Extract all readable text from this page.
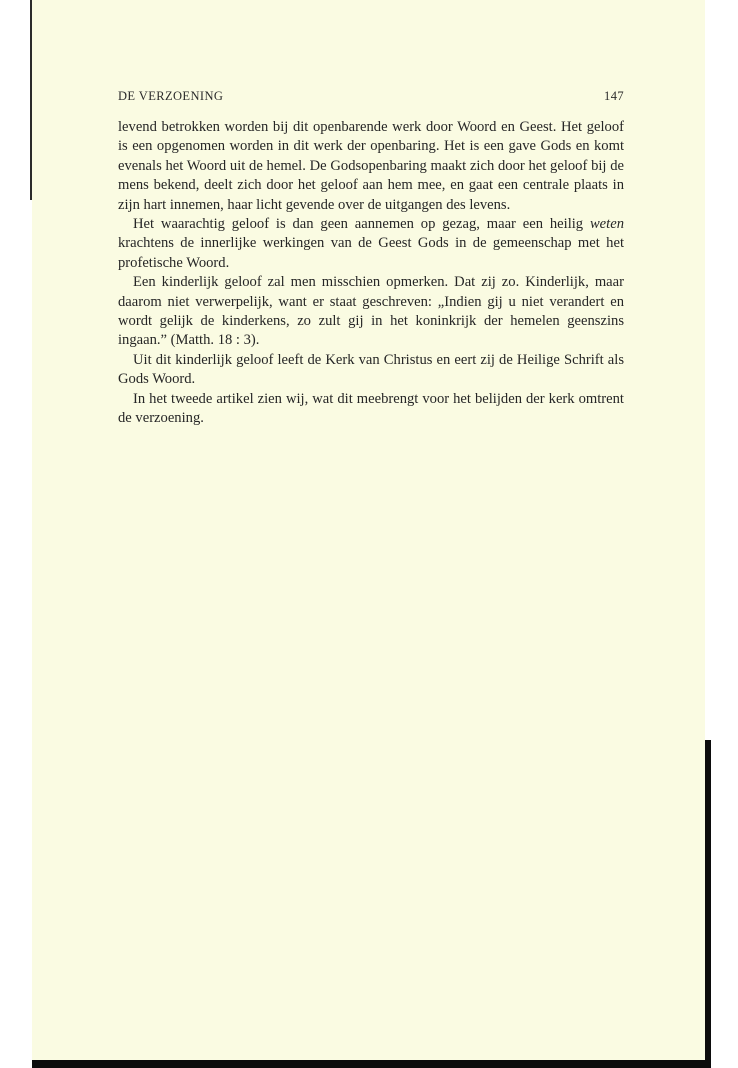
DE VERZOENING	147

levend betrokken worden bij dit openbarende werk door Woord en Geest. Het geloof is een opgenomen worden in dit werk der openbaring. Het is een gave Gods en komt evenals het Woord uit de hemel. De Godsopenbaring maakt zich door het geloof bij de mens bekend, deelt zich door het geloof aan hem mee, en gaat een centrale plaats in zijn hart innemen, haar licht gevende over de uitgangen des levens.

Het waarachtig geloof is dan geen aannemen op gezag, maar een heilig weten krachtens de innerlijke werkingen van de Geest Gods in de gemeenschap met het profetische Woord.

Een kinderlijk geloof zal men misschien opmerken. Dat zij zo. Kinderlijk, maar daarom niet verwerpelijk, want er staat geschreven: „Indien gij u niet verandert en wordt gelijk de kinderkens, zo zult gij in het koninkrijk der hemelen geenszins ingaan.” (Matth. 18 : 3).

Uit dit kinderlijk geloof leeft de Kerk van Christus en eert zij de Heilige Schrift als Gods Woord.

In het tweede artikel zien wij, wat dit meebrengt voor het belijden der kerk omtrent de verzoening.
